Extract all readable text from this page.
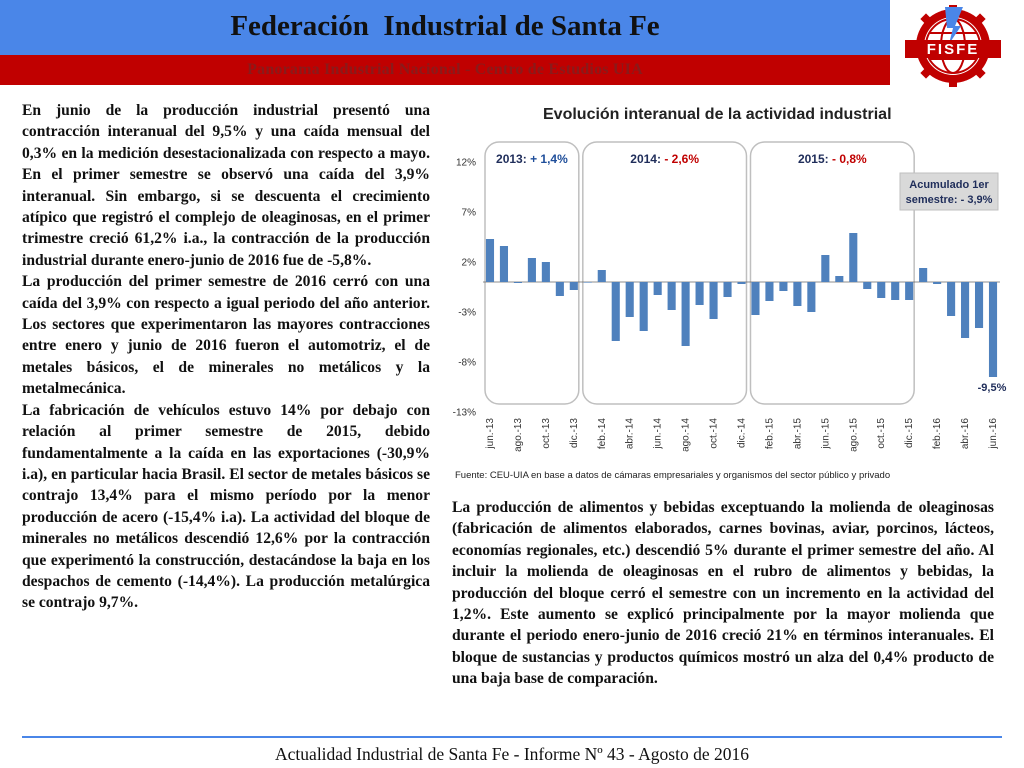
Federación  Industrial de Santa Fe
Panorama Industrial Nacional - Centro de Estudios UIA
FISFE

En junio de la producción industrial presentó una contracción interanual del 9,5% y una caída mensual del 0,3% en la medición desestacionalizada con respecto a mayo. En el primer semestre se observó una caída del 3,9% interanual. Sin embargo, si se descuenta el crecimiento atípico que registró el complejo de oleaginosas, en el primer trimestre creció 61,2% i.a., la contracción de la producción industrial durante enero-junio de 2016 fue de -5,8%.

La producción del primer semestre de 2016 cerró con una caída del 3,9% con respecto a igual periodo del año anterior. Los sectores que experimentaron las mayores contracciones entre enero y junio de 2016 fueron el automotriz, el de metales básicos, el de minerales no metálicos y la metalmecánica.

La fabricación de vehículos estuvo 14% por debajo con relación al primer semestre de 2015, debido fundamentalmente a la caída en las exportaciones (-30,9% i.a), en particular hacia Brasil. El sector de metales básicos se contrajo 13,4% para el mismo período por la menor producción de acero (-15,4% i.a). La actividad del bloque de minerales no metálicos descendió 12,6% por la contracción que experimentó la construcción, destacándose la baja en los despachos de cemento (-14,4%). La producción metalúrgica se contrajo 9,7%.

Evolución interanual de la actividad industrial
2013: + 1,4%	2014: - 2,6%	2015: - 0,8%
12%
7%
2%
-3%
-8%
-13%
jun.-13 ago.-13 oct.-13 dic.-13 feb.-14 abr.-14 jun.-14 ago.-14 oct.-14 dic.-14 feb.-15 abr.-15 jun.-15 ago.-15 oct.-15 dic.-15 feb.-16 abr.-16 jun.-16
Acumulado 1er
semestre: - 3,9%
-9,5%
Fuente: CEU-UIA en base a datos de cámaras empresariales y organismos del sector público y privado

La producción de alimentos y bebidas exceptuando la molienda de oleaginosas (fabricación de alimentos elaborados, carnes bovinas, aviar, porcinos, lácteos, economías regionales, etc.) descendió 5% durante el primer semestre del año. Al incluir la molienda de oleaginosas en el rubro de alimentos y bebidas, la producción del bloque cerró el semestre con un incremento en la actividad del 1,2%. Este aumento se explicó principalmente por la mayor molienda que durante el periodo enero-junio de 2016 creció 21% en términos interanuales. El bloque de sustancias y productos químicos mostró un alza del 0,4% producto de una baja base de comparación.

Actualidad Industrial de Santa Fe - Informe Nº 43 - Agosto de 2016
